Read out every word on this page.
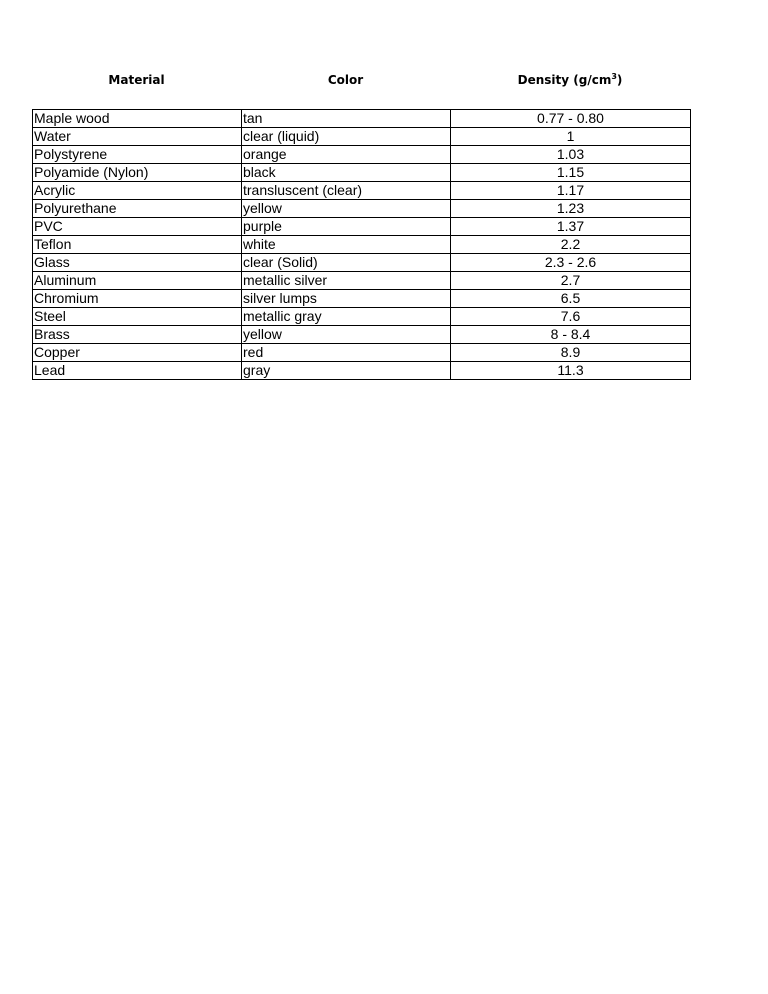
Material	Color	Density $(g/cm^3)$
Maple wood	tan	0.77 - 0.80
Water	clear (liquid)	1
Polystyrene	orange	1.03
Polyamide (Nylon)	black	1.15
Acrylic	transluscent (clear)	1.17
Polyurethane	yellow	1.23
PVC	purple	1.37
Teflon	white	2.2
Glass	clear (Solid)	2.3 - 2.6
Aluminum	metallic silver	2.7
Chromium	silver lumps	6.5
Steel	metallic gray	7.6
Brass	yellow	8 - 8.4
Copper	red	8.9
Lead	gray	11.3
